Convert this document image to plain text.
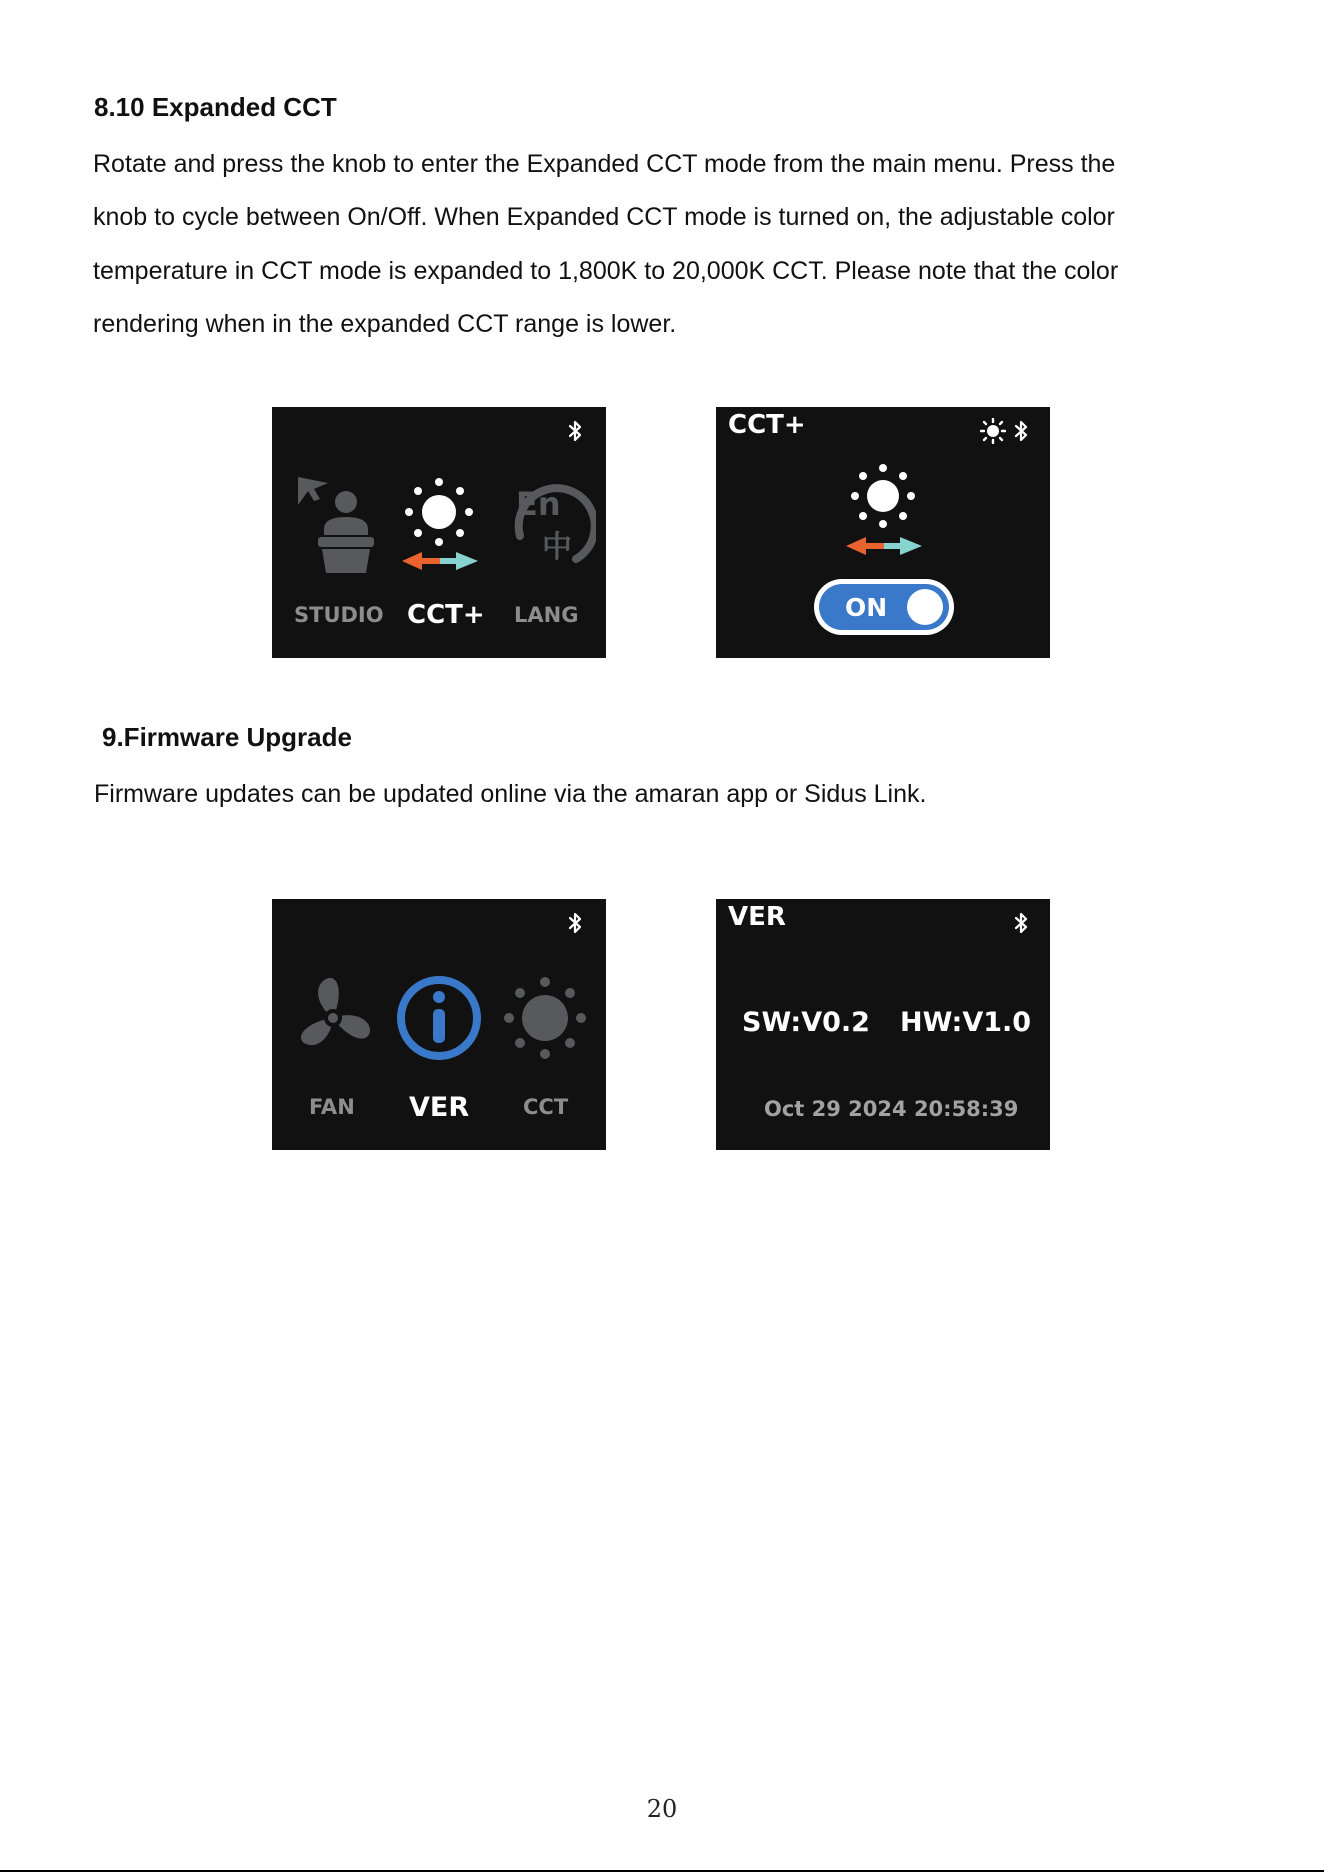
8.10 Expanded CCT

Rotate and press the knob to enter the Expanded CCT mode from the main menu. Press the

knob to cycle between On/Off. When Expanded CCT mode is turned on, the adjustable color

temperature in CCT mode is expanded to 1,800K to 20,000K CCT. Please note that the color

rendering when in the expanded CCT range is lower.

En
中
STUDIO CCT+ LANG
CCT+
ON
9.Firmware Upgrade

Firmware updates can be updated online via the amaran app or Sidus Link.

FAN VER	CCT
VER
SW:V0.2 HW:V1.0
Oct 29 2024 20:58:39
20
